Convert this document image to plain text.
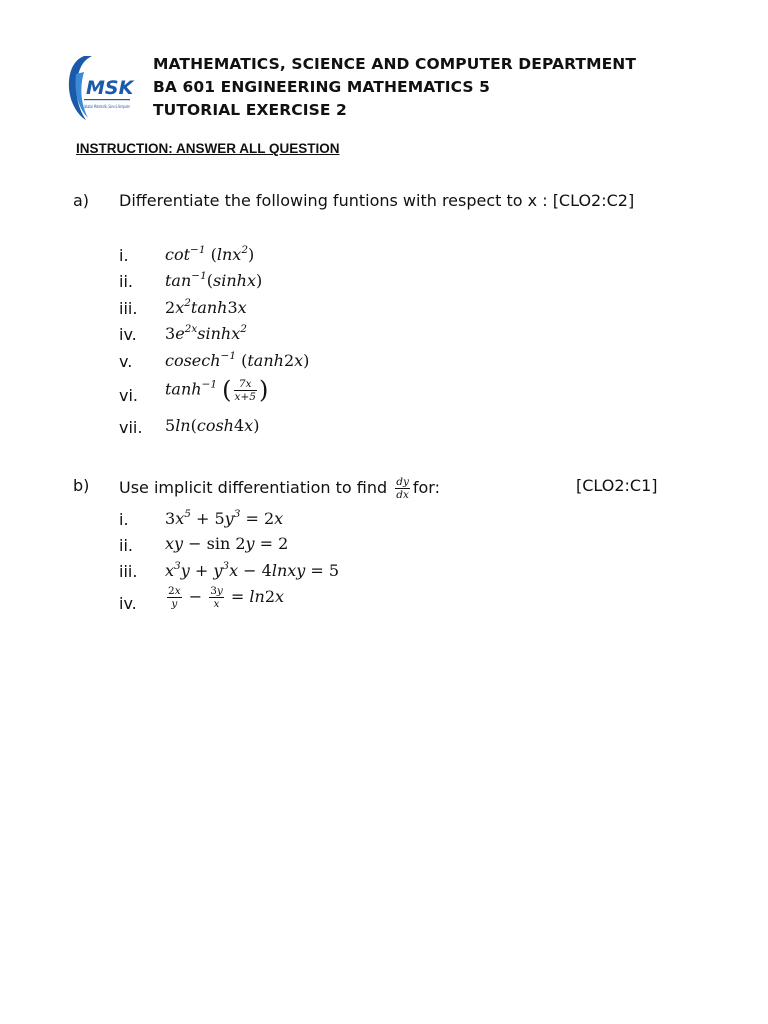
MSK
Jabatan Matematik, Sains & Komputer
MATHEMATICS, SCIENCE AND COMPUTER DEPARTMENT
BA 601 ENGINEERING MATHEMATICS 5
TUTORIAL EXERCISE 2
INSTRUCTION: ANSWER ALL QUESTION
a) Differentiate the following funtions with respect to x : [CLO2:C2]
i. $\cot^{-1} (\ln x^2)$
ii. $\tan^{-1}(\sinh x)$
iii. $2x^2\tanh 3x$
iv. $3e^{2x}\sinh x^2$
v. cosech$^{-1}$ (tanh2x)
vi. $\tanh^{-1}$ ( $\frac{7x}{x+5}$ )
vii. 5ln(cosh4x)
b) Use implicit differentiation to find $\frac{dy}{dx}$ for:	[CLO2:C1]
i. $3x^5 + 5y^3 = 2x$
ii. xy − sin 2y = 2
iii. $x^3y + y^3x$ − 4lnxy = 5
iv.	$\frac{2x}{y} - \frac{3y}{x} = \ln 2x$
